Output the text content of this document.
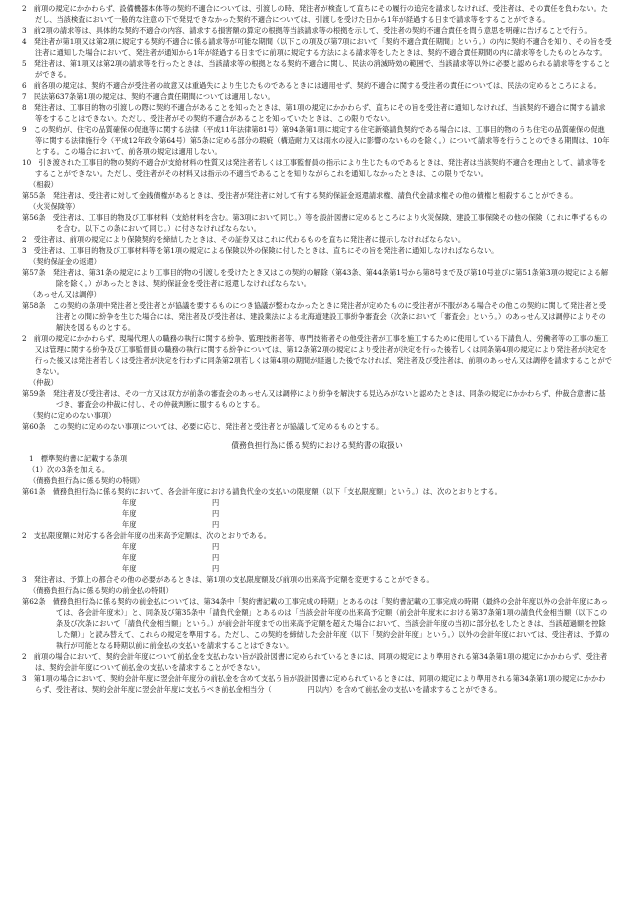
2　前項の規定にかかわらず、設備機器本体等の契約不適合については、引渡しの時、発注者が検査して直ちにその履行の追完を請求しなければ、受注者は、その責任を負わない。ただし、当該検査において一般的な注意の下で発見できなかった契約不適合については、引渡しを受けた日から1年が経過する日まで請求等をすることができる。

3　前2項の請求等は、具体的な契約不適合の内容、請求する損害額の算定の根拠等当該請求等の根拠を示して、受注者の契約不適合責任を問う意思を明確に告げることで行う。

4　発注者が第1項又は第2項に規定する契約不適合に係る請求等が可能な期間（以下この項及び第7項において「契約不適合責任期間」という。）の内に契約不適合を知り、その旨を受注者に通知した場合において、発注者が通知から1年が経過する日までに前項に規定する方法による請求等をしたときは、契約不適合責任期間の内に請求等をしたものとみなす。

5　発注者は、第1項又は第2項の請求等を行ったときは、当該請求等の根拠となる契約不適合に関し、民法の消滅時効の範囲で、当該請求等以外に必要と認められる請求等をすることができる。

6　前各項の規定は、契約不適合が受注者の故意又は重過失により生じたものであるときには適用せず、契約不適合に関する受注者の責任については、民法の定めるところによる。

7　民法第637条第1項の規定は、契約不適合責任期間については適用しない。

8　発注者は、工事目的物の引渡しの際に契約不適合があることを知ったときは、第1項の規定にかかわらず、直ちにその旨を受注者に通知しなければ、当該契約不適合に関する請求等をすることはできない。ただし、受注者がその契約不適合があることを知っていたときは、この限りでない。

9　この契約が、住宅の品質確保の促進等に関する法律（平成11年法律第81号）第94条第1項に規定する住宅新築請負契約である場合には、工事目的物のうち住宅の品質確保の促進等に関する法律施行令（平成12年政令第64号）第5条に定める部分の瑕疵（構造耐力又は雨水の浸入に影響のないものを除く。）について請求等を行うことのできる期間は、10年とする。この場合において、前各項の規定は適用しない。

10　引き渡された工事目的物の契約不適合が支給材料の性質又は発注者若しくは工事監督員の指示により生じたものであるときは、発注者は当該契約不適合を理由として、請求等をすることができない。ただし、受注者がその材料又は指示の不適当であることを知りながらこれを通知しなかったときは、この限りでない。

（相殺）

第55条　発注者は、受注者に対して金銭債権があるときは、受注者が発注者に対して有する契約保証金返還請求権、請負代金請求権その他の債権と相殺することができる。

（火災保険等）

第56条　受注者は、工事目的物及び工事材料（支給材料を含む。第3項において同じ。）等を設計図書に定めるところにより火災保険、建設工事保険その他の保険（これに準ずるものを含む。以下この条において同じ。）に付さなければならない。

2　受注者は、前項の規定により保険契約を締結したときは、その証券又はこれに代わるものを直ちに発注者に提示しなければならない。

3　受注者は、工事目的物及び工事材料等を第1項の規定による保険以外の保険に付したときは、直ちにその旨を発注者に通知しなければならない。

（契約保証金の返還）

第57条　発注者は、第31条の規定により工事目的物の引渡しを受けたとき又はこの契約の解除（第43条、第44条第1号から第8号まで及び第10号並びに第51条第3項の規定による解除を除く。）があったときは、契約保証金を受注者に返還しなければならない。

（あっせん又は調停）

第58条　この契約の条項中発注者と受注者とが協議を要するものにつき協議が整わなかったときに発注者が定めたものに受注者が不服がある場合その他この契約に関して発注者と受注者との間に紛争を生じた場合には、発注者及び受注者は、建設業法による北海道建設工事紛争審査会（次条において「審査会」という。）のあっせん又は調停によりその解決を図るものとする。

2　前項の規定にかかわらず、現場代理人の職務の執行に関する紛争、監理技術者等、専門技術者その他受注者が工事を施工するために使用している下請負人、労働者等の工事の施工又は管理に関する紛争及び工事監督員の職務の執行に関する紛争については、第12条第2項の規定により受注者が決定を行った後若しくは同条第4項の規定により発注者が決定を行った後又は発注者若しくは受注者が決定を行わずに同条第2項若しくは第4項の期間が経過した後でなければ、発注者及び受注者は、前項のあっせん又は調停を請求することができない。

（仲裁）

第59条　発注者及び受注者は、その一方又は双方が前条の審査会のあっせん又は調停により紛争を解決する見込みがないと認めたときは、同条の規定にかかわらず、仲裁合意書に基づき、審査会の仲裁に付し、その仲裁判断に服するものとする。

（契約に定めのない事項）

第60条　この契約に定めのない事項については、必要に応じ、発注者と受注者とが協議して定めるものとする。

債務負担行為に係る契約における契約書の取扱い

1　標準契約書に記載する条項

（1）次の3条を加える。

（債務負担行為に係る契約の特則）

第61条　債務負担行為に係る契約において、各会計年度における請負代金の支払いの限度額（以下「支払限度額」という。）は、次のとおりとする。

年度	円
年度	円
年度	円

2　支払限度額に対応する各会計年度の出来高予定額は、次のとおりである。

年度	円
年度	円
年度	円

3　発注者は、予算上の都合その他の必要があるときは、第1項の支払限度額及び前項の出来高予定額を変更することができる。

（債務負担行為に係る契約の前金払の特則）

第62条　債務負担行為に係る契約の前金払については、第34条中「契約書記載の工事完成の時期」とあるのは「契約書記載の工事完成の時期（最終の会計年度以外の会計年度にあっては、各会計年度末）」と、同条及び第35条中「請負代金額」とあるのは「当該会計年度の出来高予定額（前会計年度末における第37条第1項の請負代金相当額（以下この条及び次条において「請負代金相当額」という。）が前会計年度までの出来高予定額を超えた場合において、当該会計年度の当初に部分払をしたときは、当該超過額を控除した額）」と読み替えて、これらの規定を準用する。ただし、この契約を締結した会計年度（以下「契約会計年度」という。）以外の会計年度においては、受注者は、予算の執行が可能となる時期以前に前金払の支払いを請求することはできない。

2　前項の場合において、契約会計年度について前払金を支払わない旨が設計図書に定められているときには、同項の規定により準用される第34条第1項の規定にかかわらず、受注者は、契約会計年度について前払金の支払いを請求することができない。

3　第1項の場合において、契約会計年度に翌会計年度分の前払金を含めて支払う旨が設計図書に定められているときには、同項の規定により準用される第34条第1項の規定にかかわらず、受注者は、契約会計年度に翌会計年度に支払うべき前払金相当分（　　　　　円以内）を含めて前払金の支払いを請求することができる。
